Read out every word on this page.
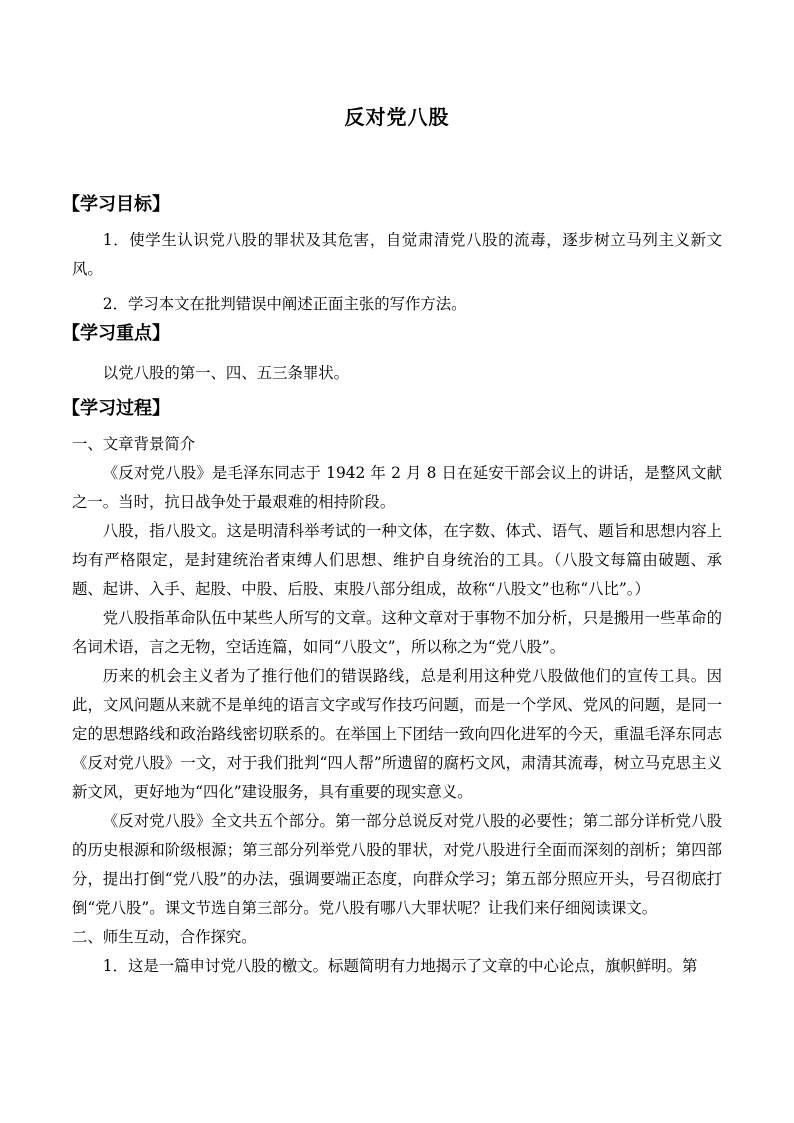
反对党八股
【学习目标】

1．使学生认识党八股的罪状及其危害，自觉肃清党八股的流毒，逐步树立马列主义新文风。

2．学习本文在批判错误中阐述正面主张的写作方法。

【学习重点】

以党八股的第一、四、五三条罪状。

【学习过程】

一、文章背景简介

《反对党八股》是毛泽东同志于 1942 年 2 月 8 日在延安干部会议上的讲话，是整风文献之一。当时，抗日战争处于最艰难的相持阶段。

八股，指八股文。这是明清科举考试的一种文体，在字数、体式、语气、题旨和思想内容上均有严格限定，是封建统治者束缚人们思想、维护自身统治的工具。（八股文每篇由破题、承题、起讲、入手、起股、中股、后股、束股八部分组成，故称“八股文”也称“八比”。）

党八股指革命队伍中某些人所写的文章。这种文章对于事物不加分析，只是搬用一些革命的名词术语，言之无物，空话连篇，如同“八股文”，所以称之为“党八股”。

历来的机会主义者为了推行他们的错误路线，总是利用这种党八股做他们的宣传工具。因此，文风问题从来就不是单纯的语言文字或写作技巧问题，而是一个学风、党风的问题，是同一定的思想路线和政治路线密切联系的。在举国上下团结一致向四化进军的今天，重温毛泽东同志《反对党八股》一文，对于我们批判“四人帮”所遗留的腐朽文风，肃清其流毒，树立马克思主义新文风，更好地为“四化”建设服务，具有重要的现实意义。

《反对党八股》全文共五个部分。第一部分总说反对党八股的必要性；第二部分详析党八股的历史根源和阶级根源；第三部分列举党八股的罪状，对党八股进行全面而深刻的剖析；第四部分，提出打倒“党八股”的办法，强调要端正态度，向群众学习；第五部分照应开头，号召彻底打倒“党八股”。课文节选自第三部分。党八股有哪八大罪状呢？让我们来仔细阅读课文。

二、师生互动，合作探究。

1．这是一篇申讨党八股的檄文。标题简明有力地揭示了文章的中心论点，旗帜鲜明。第
